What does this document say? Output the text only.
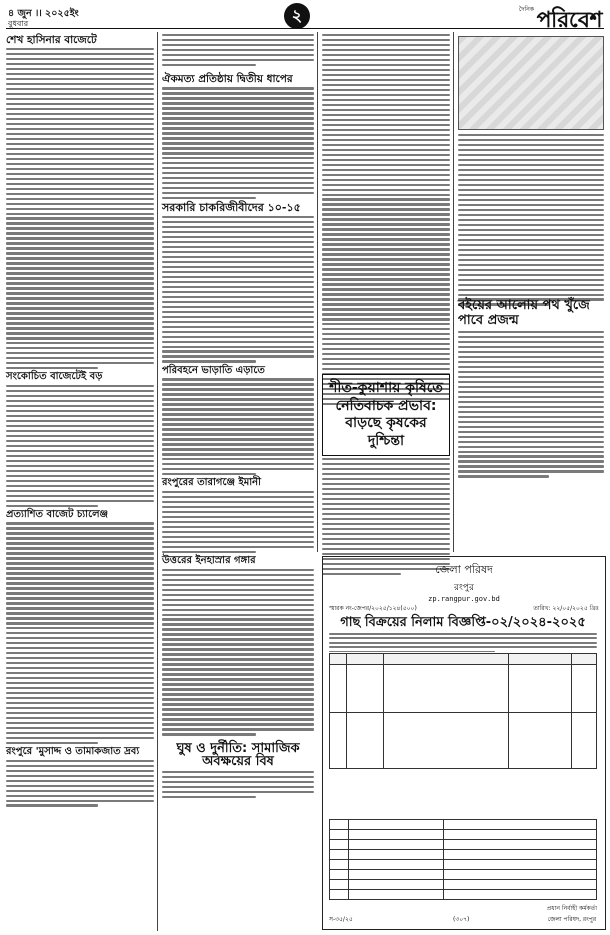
৪ জুন ।। ২০২৫ইং
বুধবার	২	দৈনিক পরিবেশ
শেখ হাসিনার বাজেটে
সংকোচিত বাজেটেই বড়
প্রত্যাশিত বাজেট চ্যালেঞ্জ
রংপুরে 'মুসাদ্দ ও তামাকজাত দ্রব্য
ঐকমত্য প্রতিষ্ঠায় দ্বিতীয় ধাপের
সরকারি চাকরিজীবীদের ১০-১৫
পরিবহনে ভাড়াতি এড়াতে
রংপুরের তারাগঞ্জে ইমানী
উত্তরের ইনহাস্রার গঙ্গার
ঘুষ ও দুর্নীতি: সামাজিক অবক্ষয়ের বিষ
বইয়ের আলোয় পথ খুঁজে পাবে প্রজন্ম
শীত-কুয়াশায় কৃষিতে নেতিবাচক প্রভাব: বাড়ছে কৃষকের দুশ্চিন্তা
জেলা পরিষদ
রংপুর
zp.rangpur.gov.bd
স্মারক নং-জেপর/২০২৫/১২৪(৫০০)	তারিখ: ২২/০৫/২০২৫ খ্রিঃ
গাছ বিক্রয়ের নিলাম বিজ্ঞপ্তি-০২/২০২৪-২০২৫

স-৩৫/২৫	(৩০৭)
প্রধান নির্বাহী কর্মকর্তা
জেলা পরিষদ, রংপুর
